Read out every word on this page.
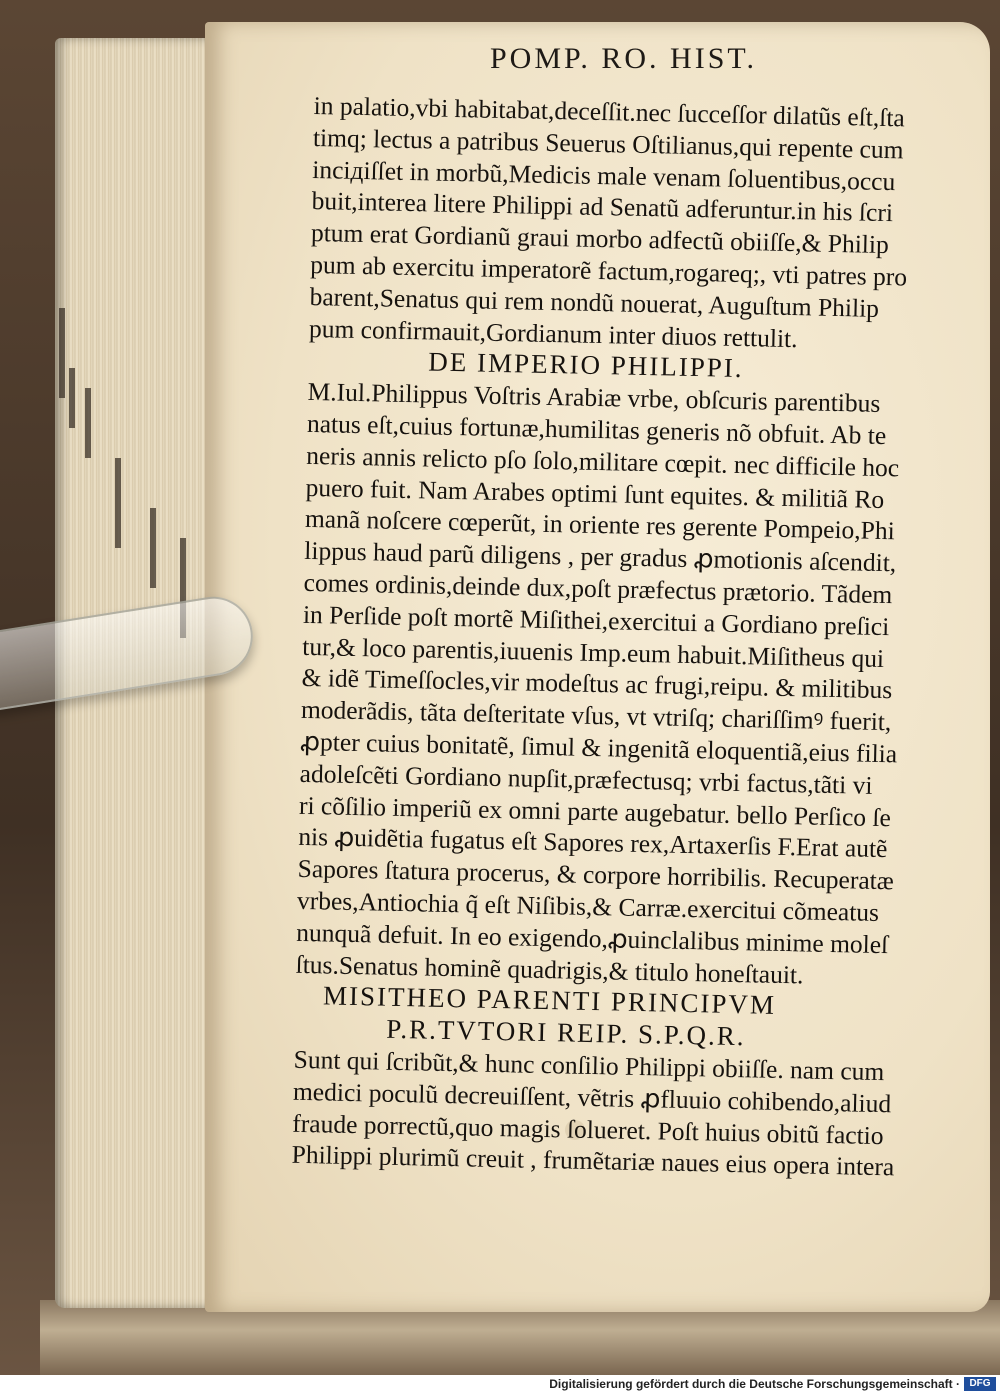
POMP. RO. HIST.
in palatio,vbi habitabat,deceſſit.nec ſucceſſor dilatũs eſt,ſta
timq; lectus a patribus Seuerus Oſtilianus,qui repente cum
inciдiſſet in morbũ,Medicis male venam ſoluentibus,occu
buit,interea litere Philippi ad Senatũ adferuntur.in his ſcri
ptum erat Gordianũ graui morbo adfectũ obiiſſe,& Philip
pum ab exercitu imperatorẽ factum,rogareq;, vti patres pro
barent,Senatus qui rem nondũ nouerat, Auguſtum Philip
pum confirmauit,Gordianum inter diuos rettulit.
DE IMPERIO PHILIPPI.
M.Iul.Philippus Voſtris Arabiæ vrbe, obſcuris parentibus
natus eſt,cuius fortunæ,humilitas generis nõ obfuit. Ab te
neris annis relicto pſo ſolo,militare cœpit. nec difficile hoc
puero fuit. Nam Arabes optimi ſunt equites. & militiã Ro
manã noſcere cœperũt, in oriente res gerente Pompeio,Phi
lippus haud parũ diligens , per gradus ꝓmotionis aſcendit,
comes ordinis,deinde dux,poſt præfectus prætorio. Tãdem
in Perſide poſt mortẽ Miſithei,exercitui a Gordiano preſici
tur,& loco parentis,iuuenis Imp.eum habuit.Miſitheus qui
& idẽ Timeſſocles,vir modeſtus ac frugi,reipu. & militibus
moderãdis, tãta deſteritate vſus, vt vtriſq; chariſſimꝰ fuerit,
ꝓpter cuius bonitatẽ, ſimul & ingenitã eloquentiã,eius filia
adoleſcẽti Gordiano nupſit,præfectusq; vrbi factus,tãti vi
ri cõſilio imperiũ ex omni parte augebatur. bello Perſico ſe
nis ꝓuidẽtia fugatus eſt Sapores rex,Artaxerſis F.Erat autẽ
Sapores ſtatura procerus, & corpore horribilis. Recuperatæ
vrbes,Antiochia q̃ eſt Niſibis,& Carræ.exercitui cõmeatus
nunquã defuit. In eo exigendo,ꝓuinclalibus minime moleſ
ſtus.Senatus hominẽ quadrigis,& titulo honeſtauit.
MISITHEO PARENTI PRINCIPVM
P.R.TVTORI REIP. S.P.Q.R.
Sunt qui ſcribũt,& hunc conſilio Philippi obiiſſe. nam cum
medici poculũ decreuiſſent, vẽtris ꝓfluuio cohibendo,aliud
fraude porrectũ,quo magis ſolueret. Poſt huius obitũ factio
Philippi plurimũ creuit , frumẽtariæ naues eius opera intera
Digitalisierung gefördert durch die Deutsche Forschungsgemeinschaft · DFG
